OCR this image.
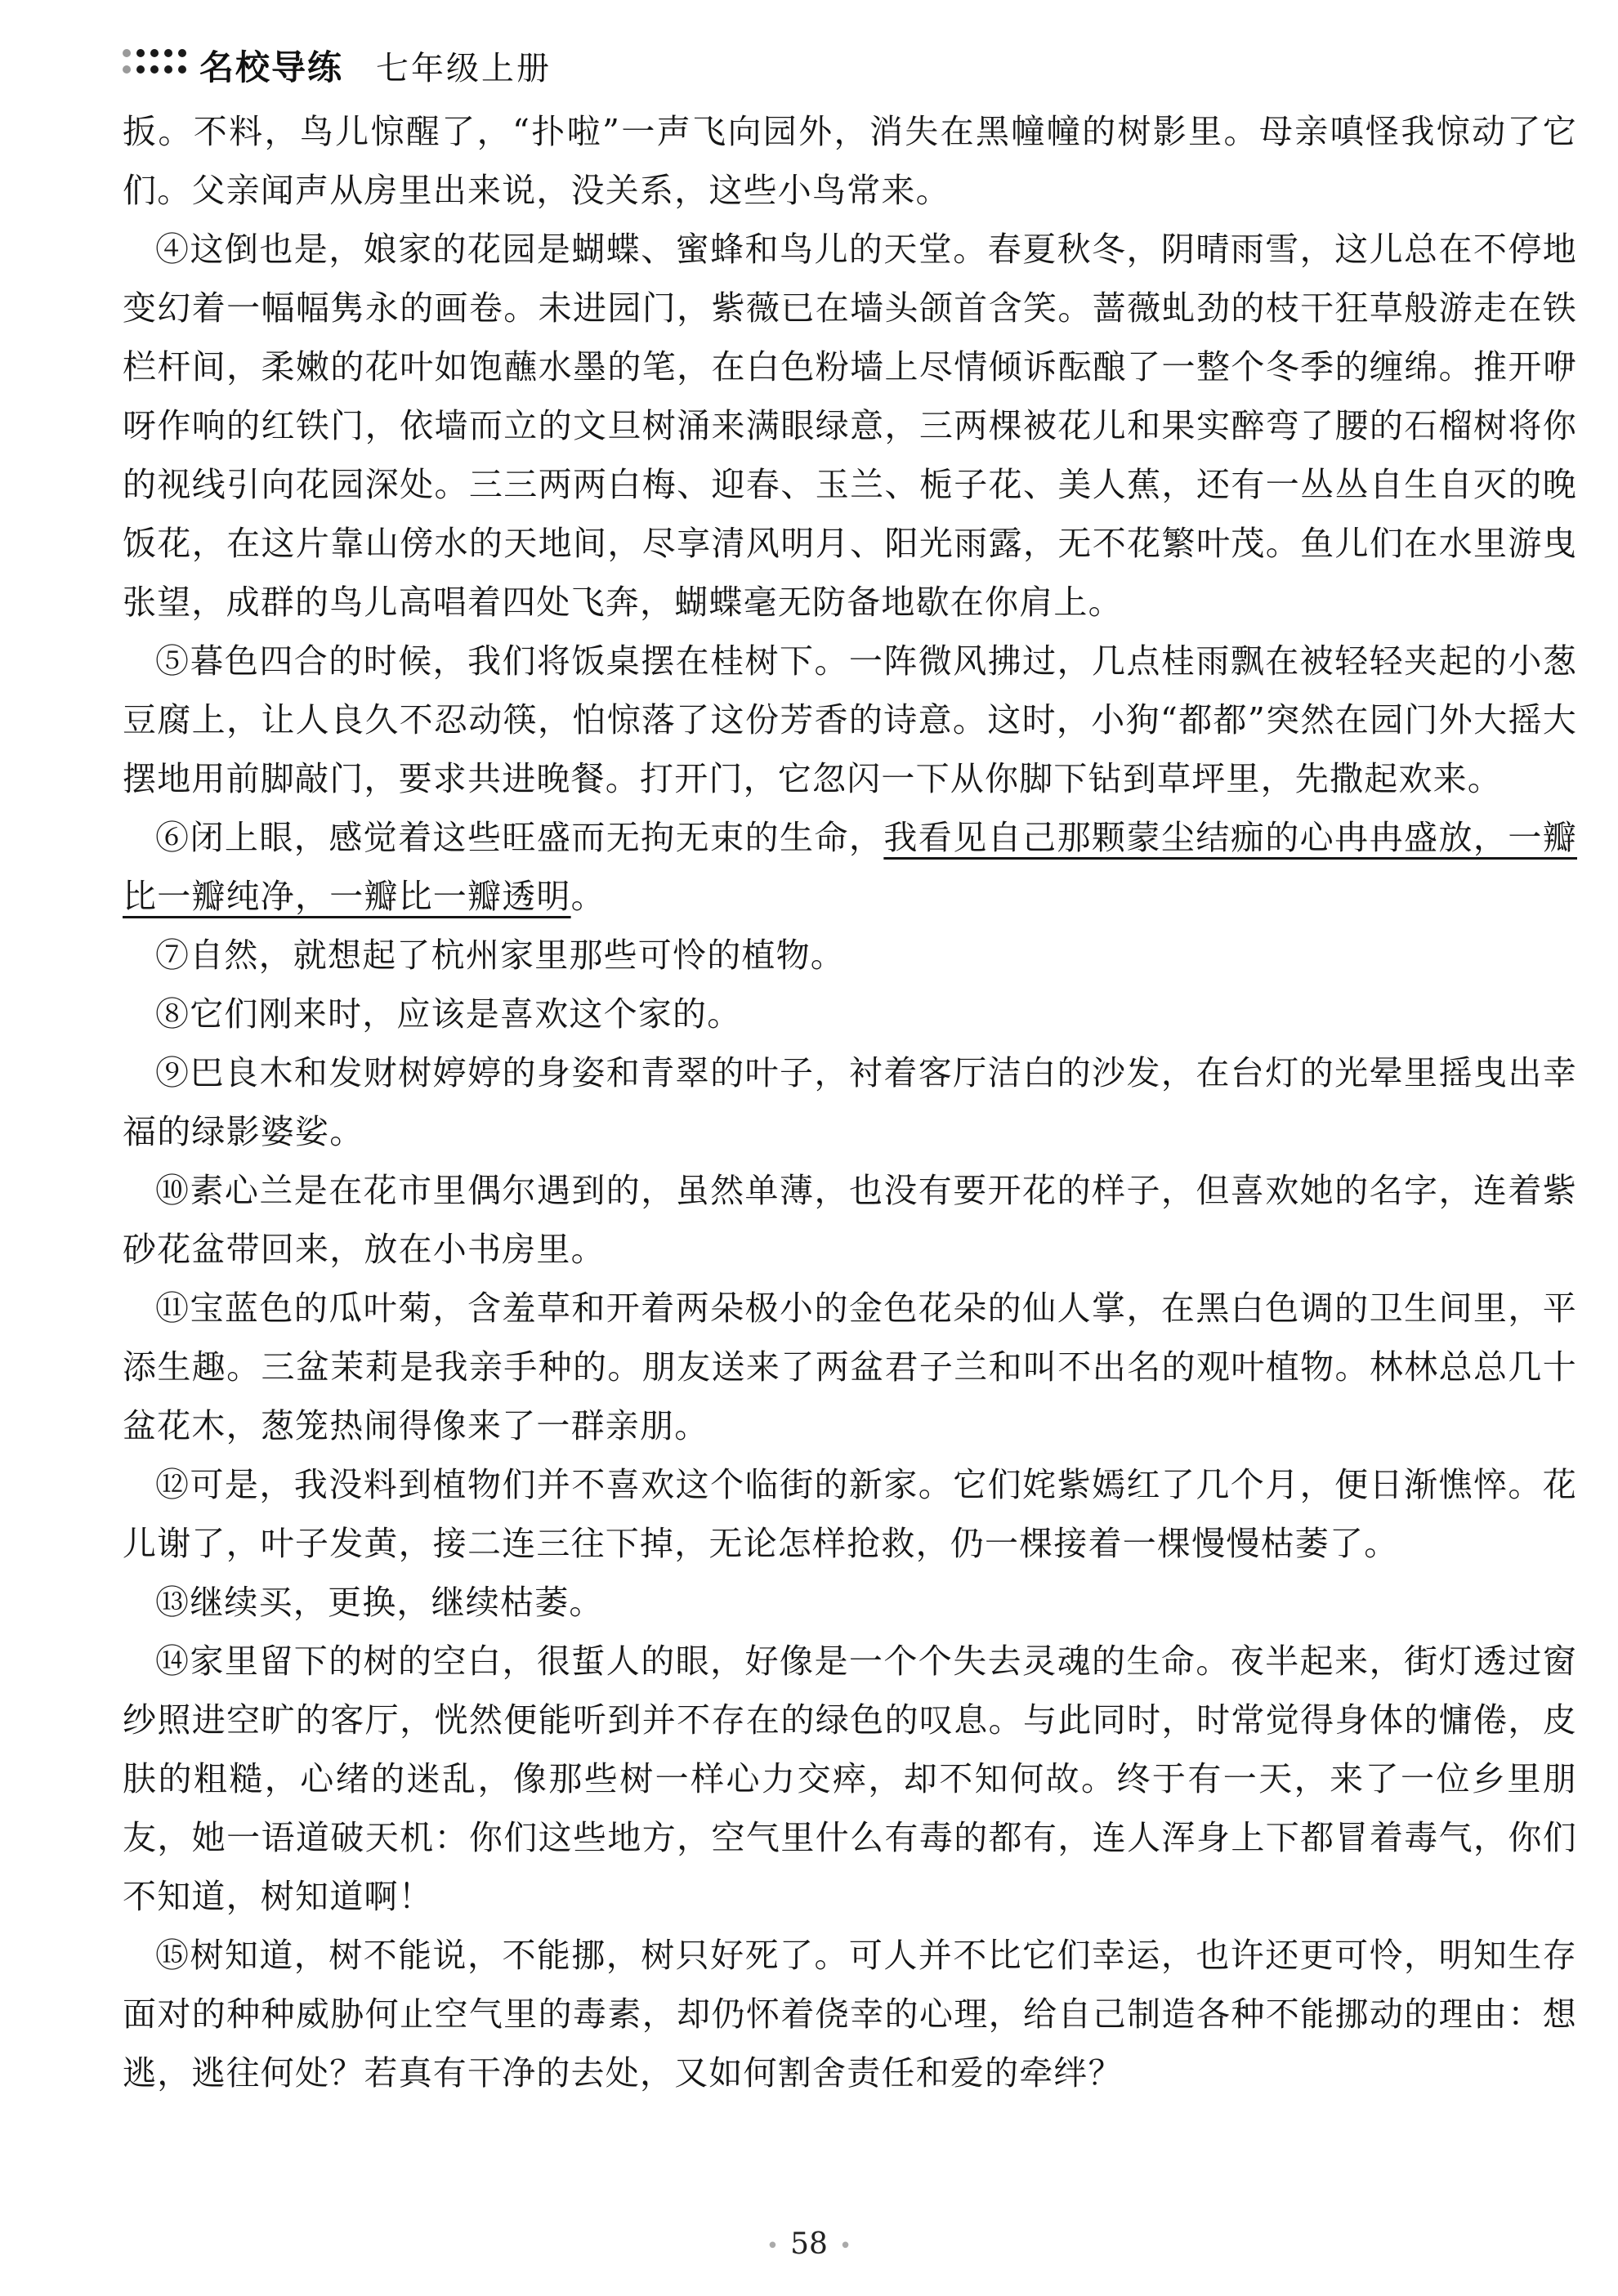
名校导练 七年级上册

扳。不料，鸟儿惊醒了，“扑啦”一声飞向园外，消失在黑幢幢的树影里。母亲嗔怪我惊动了它们。父亲闻声从房里出来说，没关系，这些小鸟常来。

④这倒也是，娘家的花园是蝴蝶、蜜蜂和鸟儿的天堂。春夏秋冬，阴晴雨雪，这儿总在不停地变幻着一幅幅隽永的画卷。未进园门，紫薇已在墙头颌首含笑。蔷薇虬劲的枝干狂草般游走在铁栏杆间，柔嫩的花叶如饱蘸水墨的笔，在白色粉墙上尽情倾诉酝酿了一整个冬季的缠绵。推开咿呀作响的红铁门，依墙而立的文旦树涌来满眼绿意，三两棵被花儿和果实醉弯了腰的石榴树将你的视线引向花园深处。三三两两白梅、迎春、玉兰、栀子花、美人蕉，还有一丛丛自生自灭的晚饭花，在这片靠山傍水的天地间，尽享清风明月、阳光雨露，无不花繁叶茂。鱼儿们在水里游曳张望，成群的鸟儿高唱着四处飞奔，蝴蝶毫无防备地歇在你肩上。

⑤暮色四合的时候，我们将饭桌摆在桂树下。一阵微风拂过，几点桂雨飘在被轻轻夹起的小葱豆腐上，让人良久不忍动筷，怕惊落了这份芳香的诗意。这时，小狗“都都”突然在园门外大摇大摆地用前脚敲门，要求共进晚餐。打开门，它忽闪一下从你脚下钻到草坪里，先撒起欢来。

⑥闭上眼，感觉着这些旺盛而无拘无束的生命，我看见自己那颗蒙尘结痂的心冉冉盛放，一瓣比一瓣纯净，一瓣比一瓣透明。

⑦自然，就想起了杭州家里那些可怜的植物。

⑧它们刚来时，应该是喜欢这个家的。

⑨巴良木和发财树婷婷的身姿和青翠的叶子，衬着客厅洁白的沙发，在台灯的光晕里摇曳出幸福的绿影婆娑。

⑩素心兰是在花市里偶尔遇到的，虽然单薄，也没有要开花的样子，但喜欢她的名字，连着紫砂花盆带回来，放在小书房里。

⑪宝蓝色的瓜叶菊，含羞草和开着两朵极小的金色花朵的仙人掌，在黑白色调的卫生间里，平添生趣。三盆茉莉是我亲手种的。朋友送来了两盆君子兰和叫不出名的观叶植物。林林总总几十盆花木，葱笼热闹得像来了一群亲朋。

⑫可是，我没料到植物们并不喜欢这个临街的新家。它们姹紫嫣红了几个月，便日渐憔悴。花儿谢了，叶子发黄，接二连三往下掉，无论怎样抢救，仍一棵接着一棵慢慢枯萎了。

⑬继续买，更换，继续枯萎。

⑭家里留下的树的空白，很蜇人的眼，好像是一个个失去灵魂的生命。夜半起来，街灯透过窗纱照进空旷的客厅，恍然便能听到并不存在的绿色的叹息。与此同时，时常觉得身体的慵倦，皮肤的粗糙，心绪的迷乱，像那些树一样心力交瘁，却不知何故。终于有一天，来了一位乡里朋友，她一语道破天机：你们这些地方，空气里什么有毒的都有，连人浑身上下都冒着毒气，你们不知道，树知道啊！

⑮树知道，树不能说，不能挪，树只好死了。可人并不比它们幸运，也许还更可怜，明知生存面对的种种威胁何止空气里的毒素，却仍怀着侥幸的心理，给自己制造各种不能挪动的理由：想逃，逃往何处？若真有干净的去处，又如何割舍责任和爱的牵绊？

• 58 •
